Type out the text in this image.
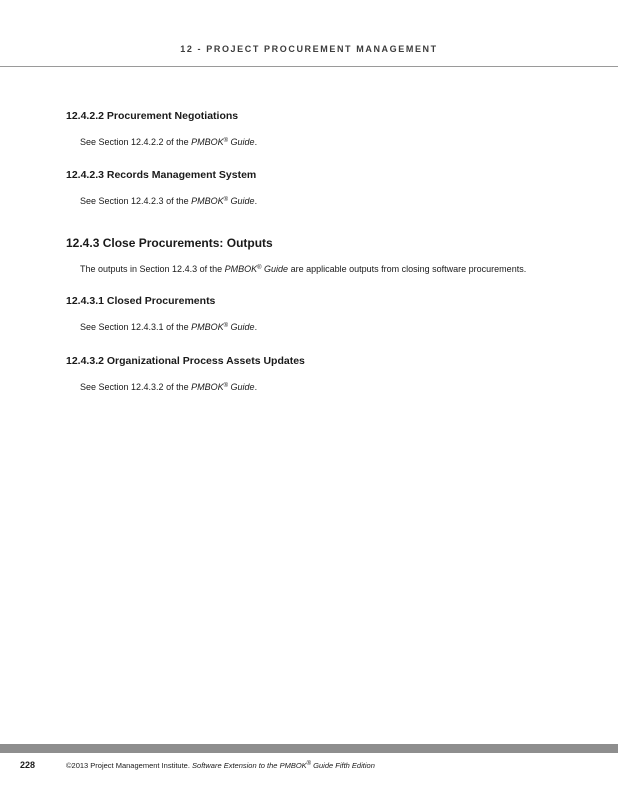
12 - PROJECT PROCUREMENT MANAGEMENT
12.4.2.2 Procurement Negotiations
See Section 12.4.2.2 of the PMBOK® Guide.
12.4.2.3 Records Management System
See Section 12.4.2.3 of the PMBOK® Guide.
12.4.3 Close Procurements: Outputs
The outputs in Section 12.4.3 of the PMBOK® Guide are applicable outputs from closing software procurements.
12.4.3.1 Closed Procurements
See Section 12.4.3.1 of the PMBOK® Guide.
12.4.3.2 Organizational Process Assets Updates
See Section 12.4.3.2 of the PMBOK® Guide.
228	©2013 Project Management Institute. Software Extension to the PMBOK® Guide Fifth Edition
